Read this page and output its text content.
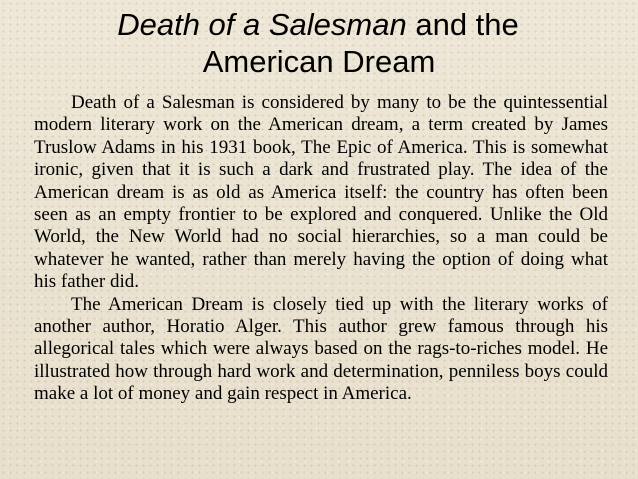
Death of a Salesman and the
American Dream

Death of a Salesman is considered by many to be the quintessential modern literary work on the American dream, a term created by James Truslow Adams in his 1931 book, The Epic of America. This is somewhat ironic, given that it is such a dark and frustrated play. The idea of the American dream is as old as America itself: the country has often been seen as an empty frontier to be explored and conquered. Unlike the Old World, the New World had no social hierarchies, so a man could be whatever he wanted, rather than merely having the option of doing what his father did.

The American Dream is closely tied up with the literary works of another author, Horatio Alger. This author grew famous through his allegorical tales which were always based on the rags-to-riches model. He illustrated how through hard work and determination, penniless boys could make a lot of money and gain respect in America.
